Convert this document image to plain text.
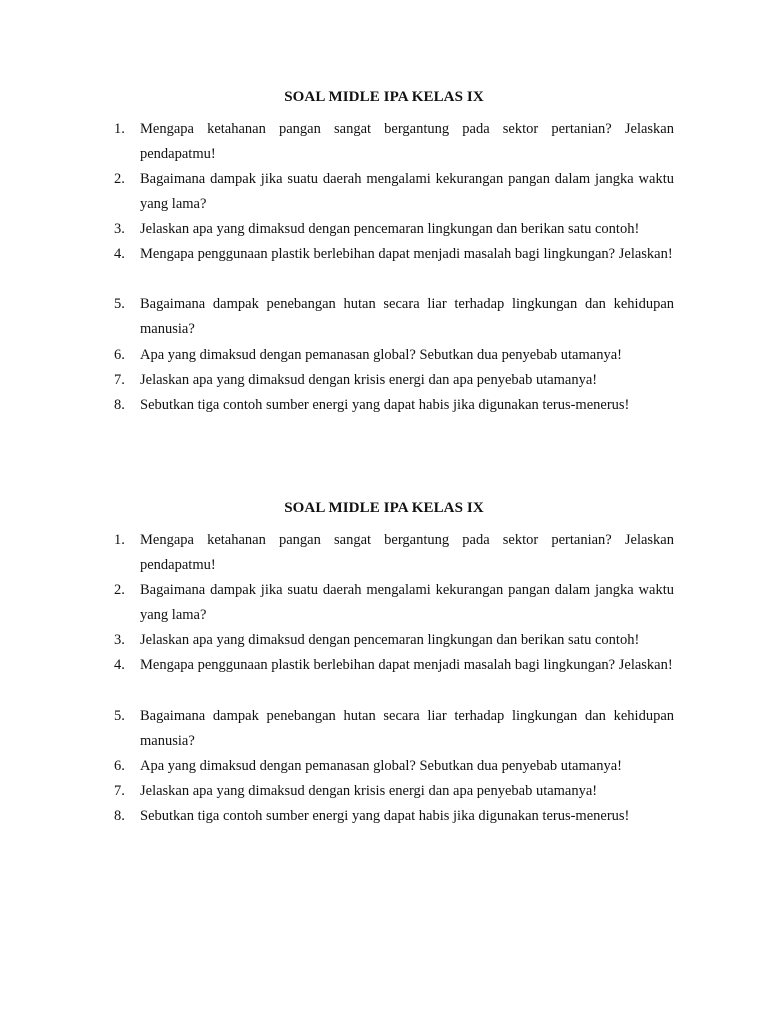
SOAL MIDLE IPA KELAS IX
1.	Mengapa ketahanan pangan sangat bergantung pada sektor pertanian? Jelaskan pendapatmu!
2.	Bagaimana dampak jika suatu daerah mengalami kekurangan pangan dalam jangka waktu yang lama?
3.	Jelaskan apa yang dimaksud dengan pencemaran lingkungan dan berikan satu contoh!
4.	Mengapa penggunaan plastik berlebihan dapat menjadi masalah bagi lingkungan? Jelaskan!
5.	Bagaimana dampak penebangan hutan secara liar terhadap lingkungan dan kehidupan manusia?
6.	Apa yang dimaksud dengan pemanasan global? Sebutkan dua penyebab utamanya!
7.	Jelaskan apa yang dimaksud dengan krisis energi dan apa penyebab utamanya!
8.	Sebutkan tiga contoh sumber energi yang dapat habis jika digunakan terus-menerus!
SOAL MIDLE IPA KELAS IX
1.	Mengapa ketahanan pangan sangat bergantung pada sektor pertanian? Jelaskan pendapatmu!
2.	Bagaimana dampak jika suatu daerah mengalami kekurangan pangan dalam jangka waktu yang lama?
3.	Jelaskan apa yang dimaksud dengan pencemaran lingkungan dan berikan satu contoh!
4.	Mengapa penggunaan plastik berlebihan dapat menjadi masalah bagi lingkungan? Jelaskan!
5.	Bagaimana dampak penebangan hutan secara liar terhadap lingkungan dan kehidupan manusia?
6.	Apa yang dimaksud dengan pemanasan global? Sebutkan dua penyebab utamanya!
7.	Jelaskan apa yang dimaksud dengan krisis energi dan apa penyebab utamanya!
8.	Sebutkan tiga contoh sumber energi yang dapat habis jika digunakan terus-menerus!
